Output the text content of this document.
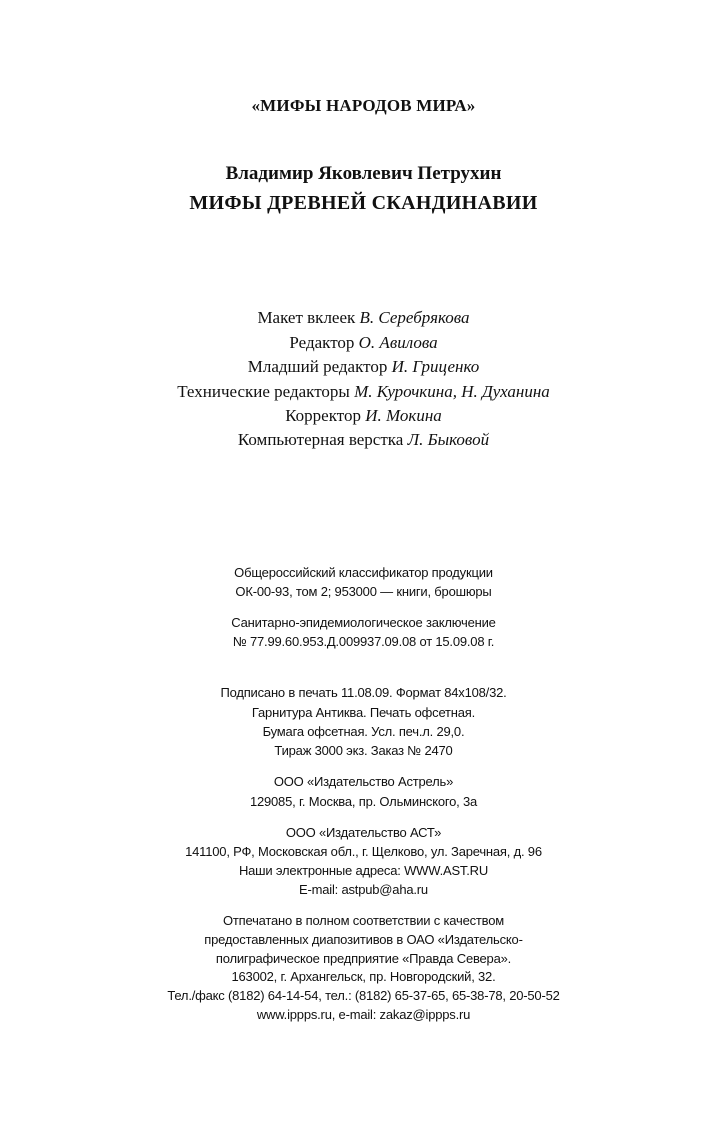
«МИФЫ НАРОДОВ МИРА»
Владимир Яковлевич Петрухин
МИФЫ ДРЕВНЕЙ СКАНДИНАВИИ
Макет вклеек В. Серебрякова
Редактор О. Авилова
Младший редактор И. Гриценко
Технические редакторы М. Курочкина, Н. Духанина
Корректор И. Мокина
Компьютерная верстка Л. Быковой
Общероссийский классификатор продукции
ОК-00-93, том 2; 953000 — книги, брошюры
Санитарно-эпидемиологическое заключение
№ 77.99.60.953.Д.009937.09.08 от 15.09.08 г.
Подписано в печать 11.08.09. Формат 84х108/32.
Гарнитура Антиква. Печать офсетная.
Бумага офсетная. Усл. печ.л. 29,0.
Тираж 3000 экз. Заказ № 2470
ООО «Издательство Астрель»
129085, г. Москва, пр. Ольминского, 3а
ООО «Издательство АСТ»
141100, РФ, Московская обл., г. Щелково, ул. Заречная, д. 96
Наши электронные адреса: WWW.AST.RU
E-mail: astpub@aha.ru
Отпечатано в полном соответствии с качеством
предоставленных диапозитивов в ОАО «Издательско-
полиграфическое предприятие «Правда Севера».
163002, г. Архангельск, пр. Новгородский, 32.
Тел./факс (8182) 64-14-54, тел.: (8182) 65-37-65, 65-38-78, 20-50-52
www.ippps.ru, e-mail: zakaz@ippps.ru
